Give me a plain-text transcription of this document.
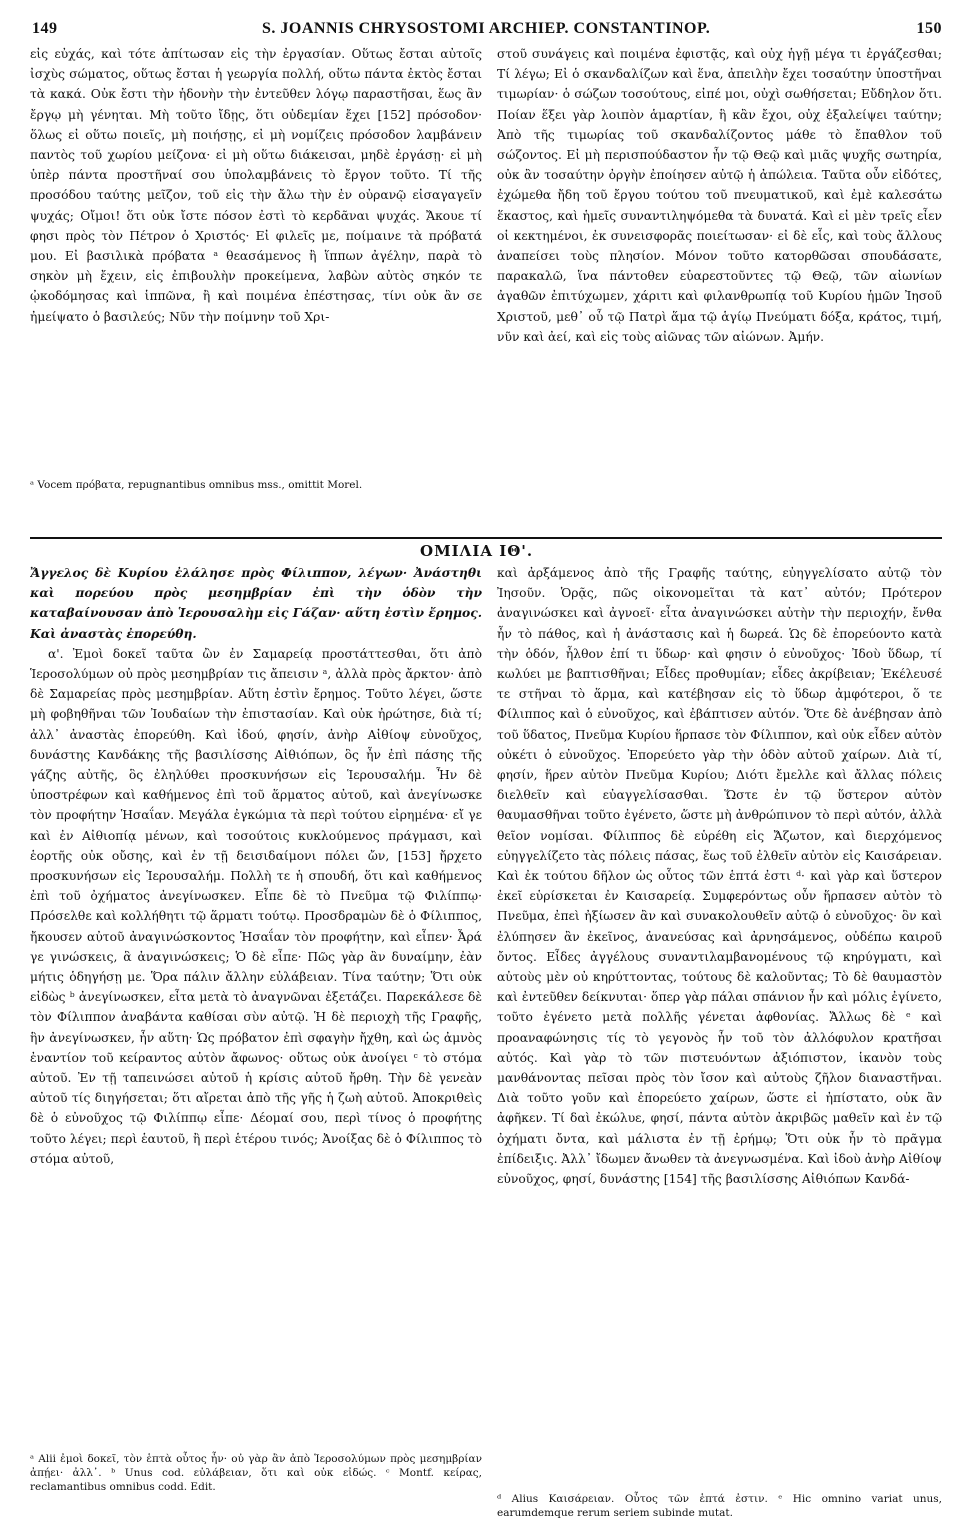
149	S. JOANNIS CHRYSOSTOMI ARCHIEP. CONSTANTINOP.	150

εἰς εὐχάς, καὶ τότε ἀπίτωσαν εἰς τὴν ἐργασίαν. Οὕτως ἔσται αὐτοῖς ἰσχὺς σώματος, οὕτως ἔσται ἡ γεωργία πολλή, οὕτω πάντα ἐκτὸς ἔσται τὰ κακά. Οὐκ ἔστι τὴν ἡδονὴν τὴν ἐντεῦθεν λόγῳ παραστῆσαι, ἕως ἂν ἔργῳ μὴ γένηται. Μὴ τοῦτο ἴδῃς, ὅτι οὐδεμίαν ἔχει [152] πρόσοδον· ὅλως εἰ οὕτω ποιεῖς, μὴ ποιήσῃς, εἰ μὴ νομίζεις πρόσοδον λαμβάνειν παντὸς τοῦ χωρίου μείζονα· εἰ μὴ οὕτω διάκεισαι, μηδὲ ἐργάσῃ· εἰ μὴ ὑπὲρ πάντα προστῆναί σου ὑπολαμβάνεις τὸ ἔργον τοῦτο. Τί τῆς προσόδου ταύτης μεῖζον, τοῦ εἰς τὴν ἄλω τὴν ἐν οὐρανῷ εἰσαγαγεῖν ψυχάς; Οἴμοι! ὅτι οὐκ ἴστε πόσον ἐστὶ τὸ κερδᾶναι ψυχάς. Ἄκουε τί φησι πρὸς τὸν Πέτρον ὁ Χριστός· Εἰ φιλεῖς με, ποίμαινε τὰ πρόβατά μου. Εἰ βασιλικὰ πρόβατα ᵃ θεασάμενος ἢ ἵππων ἀγέλην, παρὰ τὸ σηκὸν μὴ ἔχειν, εἰς ἐπιβουλὴν προκείμενα, λαβὼν αὐτὸς σηκόν τε ᾠκοδόμησας καὶ ἱππῶνα, ἢ καὶ ποιμένα ἐπέστησας, τίνι οὐκ ἂν σε ἠμείψατο ὁ βασιλεύς; Νῦν τὴν ποίμνην τοῦ Χρι-

ᵃ Vocem πρόβατα, repugnantibus omnibus mss., omittit Morel.

στοῦ συνάγεις καὶ ποιμένα ἐφιστᾷς, καὶ οὐχ ἡγῇ μέγα τι ἐργάζεσθαι; Τί λέγω; Εἰ ὁ σκανδαλίζων καὶ ἕνα, ἀπειλὴν ἔχει τοσαύτην ὑποστῆναι τιμωρίαν· ὁ σώζων τοσούτους, εἰπέ μοι, οὐχὶ σωθήσεται; Εὔδηλον ὅτι. Ποίαν ἕξει γὰρ λοιπὸν ἁμαρτίαν, ἣ κἂν ἔχοι, οὐχ ἐξαλείψει ταύτην; Ἀπὸ τῆς τιμωρίας τοῦ σκανδαλίζοντος μάθε τὸ ἔπαθλον τοῦ σώζοντος. Εἰ μὴ περισπούδαστον ἦν τῷ Θεῷ καὶ μιᾶς ψυχῆς σωτηρία, οὐκ ἂν τοσαύτην ὀργὴν ἐποίησεν αὐτῷ ἡ ἀπώλεια. Ταῦτα οὖν εἰδότες, ἐχώμεθα ἤδη τοῦ ἔργου τούτου τοῦ πνευματικοῦ, καὶ ἐμὲ καλεσάτω ἕκαστος, καὶ ἡμεῖς συναντιληψόμεθα τὰ δυνατά. Καὶ εἰ μὲν τρεῖς εἶεν οἱ κεκτημένοι, ἐκ συνεισφορᾶς ποιείτωσαν· εἰ δὲ εἷς, καὶ τοὺς ἄλλους ἀναπείσει τοὺς πλησίον. Μόνον τοῦτο κατορθῶσαι σπουδάσατε, παρακαλῶ, ἵνα πάντοθεν εὐαρεστοῦντες τῷ Θεῷ, τῶν αἰωνίων ἀγαθῶν ἐπιτύχωμεν, χάριτι καὶ φιλανθρωπίᾳ τοῦ Κυρίου ἡμῶν Ἰησοῦ Χριστοῦ, μεθ᾽ οὗ τῷ Πατρὶ ἅμα τῷ ἁγίῳ Πνεύματι δόξα, κράτος, τιμή, νῦν καὶ ἀεί, καὶ εἰς τοὺς αἰῶνας τῶν αἰώνων. Ἀμήν.

ΟΜΙΛΙΑ ΙΘ'.

Ἄγγελος δὲ Κυρίου ἐλάλησε πρὸς Φίλιππον, λέγων· Ἀνάστηθι καὶ πορεύου πρὸς μεσημβρίαν ἐπὶ τὴν ὁδὸν τὴν καταβαίνουσαν ἀπὸ Ἱερουσαλὴμ εἰς Γάζαν· αὕτη ἐστὶν ἔρημος. Καὶ ἀναστὰς ἐπορεύθη.

α'. Ἐμοὶ δοκεῖ ταῦτα ὢν ἐν Σαμαρείᾳ προστάττεσθαι, ὅτι ἀπὸ Ἱεροσολύμων οὐ πρὸς μεσημβρίαν τις ἄπεισιν ᵃ, ἀλλὰ πρὸς ἄρκτον· ἀπὸ δὲ Σαμαρείας πρὸς μεσημβρίαν. Αὕτη ἐστὶν ἔρημος. Τοῦτο λέγει, ὥστε μὴ φοβηθῆναι τῶν Ἰουδαίων τὴν ἐπιστασίαν. Καὶ οὐκ ἠρώτησε, διὰ τί; ἀλλ᾽ ἀναστὰς ἐπορεύθη. Καὶ ἰδού, φησίν, ἀνὴρ Αἰθίοψ εὐνοῦχος, δυνάστης Κανδάκης τῆς βασιλίσσης Αἰθιόπων, ὃς ἦν ἐπὶ πάσης τῆς γάζης αὐτῆς, ὃς ἐληλύθει προσκυνήσων εἰς Ἱερουσαλήμ. Ἦν δὲ ὑποστρέφων καὶ καθήμενος ἐπὶ τοῦ ἅρματος αὐτοῦ, καὶ ἀνεγίνωσκε τὸν προφήτην Ἡσαΐαν. Μεγάλα ἐγκώμια τὰ περὶ τούτου εἰρημένα· εἴ γε καὶ ἐν Αἰθιοπίᾳ μένων, καὶ τοσούτοις κυκλούμενος πράγμασι, καὶ ἑορτῆς οὐκ οὔσης, καὶ ἐν τῇ δεισιδαίμονι πόλει ὤν, [153] ἤρχετο προσκυνήσων εἰς Ἱερουσαλήμ. Πολλὴ τε ἡ σπουδή, ὅτι καὶ καθήμενος ἐπὶ τοῦ ὀχήματος ἀνεγίνωσκεν. Εἶπε δὲ τὸ Πνεῦμα τῷ Φιλίππῳ· Πρόσελθε καὶ κολλήθητι τῷ ἅρματι τούτῳ. Προσδραμὼν δὲ ὁ Φίλιππος, ἤκουσεν αὐτοῦ ἀναγινώσκοντος Ἡσαΐαν τὸν προφήτην, καὶ εἶπεν· Ἆρά γε γινώσκεις, ἃ ἀναγινώσκεις; Ὁ δὲ εἶπε· Πῶς γὰρ ἂν δυναίμην, ἐὰν μήτις ὁδηγήσῃ με. Ὅρα πάλιν ἄλλην εὐλάβειαν. Τίνα ταύτην; Ὅτι οὐκ εἰδὼς ᵇ ἀνεγίνωσκεν, εἶτα μετὰ τὸ ἀναγνῶναι ἐξετάζει. Παρεκάλεσε δὲ τὸν Φίλιππον ἀναβάντα καθίσαι σὺν αὐτῷ. Ἡ δὲ περιοχὴ τῆς Γραφῆς, ἣν ἀνεγίνωσκεν, ἦν αὕτη· Ὡς πρόβατον ἐπὶ σφαγὴν ἤχθη, καὶ ὡς ἀμνὸς ἐναντίον τοῦ κείραντος αὐτὸν ἄφωνος· οὕτως οὐκ ἀνοίγει ᶜ τὸ στόμα αὐτοῦ. Ἐν τῇ ταπεινώσει αὐτοῦ ἡ κρίσις αὐτοῦ ἤρθη. Τὴν δὲ γενεὰν αὐτοῦ τίς διηγήσεται; ὅτι αἴρεται ἀπὸ τῆς γῆς ἡ ζωὴ αὐτοῦ. Ἀποκριθεὶς δὲ ὁ εὐνοῦχος τῷ Φιλίππῳ εἶπε· Δέομαί σου, περὶ τίνος ὁ προφήτης τοῦτο λέγει; περὶ ἑαυτοῦ, ἢ περὶ ἑτέρου τινός; Ἀνοίξας δὲ ὁ Φίλιππος τὸ στόμα αὐτοῦ,

ᵃ Alii ἐμοὶ δοκεῖ, τὸν ἑπτὰ οὗτος ἦν· οὐ γὰρ ἂν ἀπὸ Ἱεροσολύμων πρὸς μεσημβρίαν ἀπῄει· ἀλλ᾽. ᵇ Unus cod. εὐλάβειαν, ὅτι καὶ οὐκ εἰδώς. ᶜ Montf. κείρας, reclamantibus omnibus codd. Edit.

καὶ ἀρξάμενος ἀπὸ τῆς Γραφῆς ταύτης, εὐηγγελίσατο αὐτῷ τὸν Ἰησοῦν. Ὁρᾷς, πῶς οἰκονομεῖται τὰ κατ᾽ αὐτόν; Πρότερον ἀναγινώσκει καὶ ἀγνοεῖ· εἶτα ἀναγινώσκει αὐτὴν τὴν περιοχήν, ἔνθα ἦν τὸ πάθος, καὶ ἡ ἀνάστασις καὶ ἡ δωρεά. Ὡς δὲ ἐπορεύοντο κατὰ τὴν ὁδόν, ἦλθον ἐπί τι ὕδωρ· καὶ φησιν ὁ εὐνοῦχος· Ἰδοὺ ὕδωρ, τί κωλύει με βαπτισθῆναι; Εἶδες προθυμίαν; εἶδες ἀκρίβειαν; Ἐκέλευσέ τε στῆναι τὸ ἅρμα, καὶ κατέβησαν εἰς τὸ ὕδωρ ἀμφότεροι, ὅ τε Φίλιππος καὶ ὁ εὐνοῦχος, καὶ ἐβάπτισεν αὐτόν. Ὅτε δὲ ἀνέβησαν ἀπὸ τοῦ ὕδατος, Πνεῦμα Κυρίου ἥρπασε τὸν Φίλιππον, καὶ οὐκ εἶδεν αὐτὸν οὐκέτι ὁ εὐνοῦχος. Ἐπορεύετο γὰρ τὴν ὁδὸν αὐτοῦ χαίρων. Διὰ τί, φησίν, ἥρεν αὐτὸν Πνεῦμα Κυρίου; Διότι ἔμελλε καὶ ἄλλας πόλεις διελθεῖν καὶ εὐαγγελίσασθαι. Ὥστε ἐν τῷ ὕστερον αὐτὸν θαυμασθῆναι τοῦτο ἐγένετο, ὥστε μὴ ἀνθρώπινον τὸ περὶ αὐτόν, ἀλλὰ θεῖον νομίσαι. Φίλιππος δὲ εὑρέθη εἰς Ἄζωτον, καὶ διερχόμενος εὐηγγελίζετο τὰς πόλεις πάσας, ἕως τοῦ ἐλθεῖν αὐτὸν εἰς Καισάρειαν. Καὶ ἐκ τούτου δῆλον ὡς οὗτος τῶν ἑπτά ἐστι ᵈ· καὶ γὰρ καὶ ὕστερον ἐκεῖ εὑρίσκεται ἐν Καισαρείᾳ. Συμφερόντως οὖν ἥρπασεν αὐτὸν τὸ Πνεῦμα, ἐπεὶ ἠξίωσεν ἂν καὶ συνακολουθεῖν αὐτῷ ὁ εὐνοῦχος· ὃν καὶ ἐλύπησεν ἂν ἐκεῖνος, ἀνανεύσας καὶ ἀρνησάμενος, οὐδέπω καιροῦ ὄντος. Εἶδες ἀγγέλους συναντιλαμβανομένους τῷ κηρύγματι, καὶ αὐτοὺς μὲν οὐ κηρύττοντας, τούτους δὲ καλοῦντας; Τὸ δὲ θαυμαστὸν καὶ ἐντεῦθεν δείκνυται· ὅπερ γὰρ πάλαι σπάνιον ἦν καὶ μόλις ἐγίνετο, τοῦτο ἐγένετο μετὰ πολλῆς γένεται ἀφθονίας. Ἄλλως δὲ ᵉ καὶ προαναφώνησις τίς τὸ γεγονὸς ἦν τοῦ τὸν ἀλλόφυλον κρατῆσαι αὐτός. Καὶ γὰρ τὸ τῶν πιστευόντων ἀξιόπιστον, ἱκανὸν τοὺς μανθάνοντας πεῖσαι πρὸς τὸν ἴσον καὶ αὐτοὺς ζῆλον διαναστῆναι. Διὰ τοῦτο γοῦν καὶ ἐπορεύετο χαίρων, ὥστε εἰ ἠπίστατο, οὐκ ἂν ἀφῆκεν. Τί δαὶ ἐκώλυε, φησί, πάντα αὐτὸν ἀκριβῶς μαθεῖν καὶ ἐν τῷ ὀχήματι ὄντα, καὶ μάλιστα ἐν τῇ ἐρήμῳ; Ὅτι οὐκ ἦν τὸ πρᾶγμα ἐπίδειξις. Ἀλλ᾽ ἴδωμεν ἄνωθεν τὰ ἀνεγνωσμένα. Καὶ ἰδοὺ ἀνὴρ Αἰθίοψ εὐνοῦχος, φησί, δυνάστης [154] τῆς βασιλίσσης Αἰθιόπων Κανδά-

ᵈ Alius Καισάρειαν. Οὗτος τῶν ἑπτά ἐστιν. ᵉ Hic omnino variat unus, earumdemque rerum seriem subinde mutat.
